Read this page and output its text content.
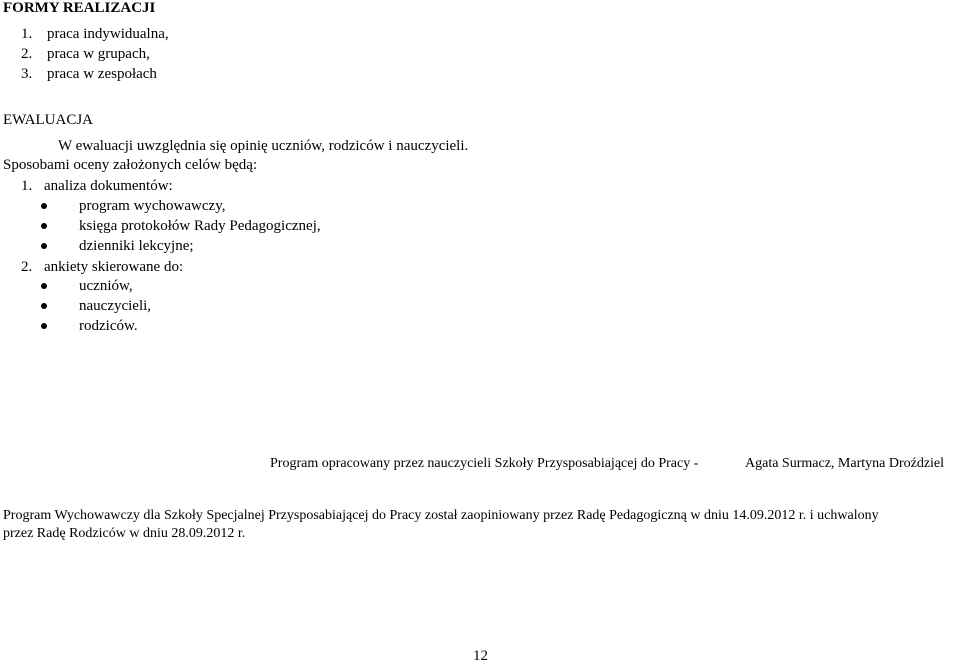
FORMY REALIZACJI
1. praca indywidualna,
2. praca w grupach,
3. praca w zespołach
EWALUACJA
W ewaluacji uwzględnia się opinię uczniów, rodziców i nauczycieli.
Sposobami oceny założonych celów będą:
1. analiza dokumentów:
program wychowawczy,
księga protokołów Rady Pedagogicznej,
dzienniki lekcyjne;
2. ankiety skierowane do:
uczniów,
nauczycieli,
rodziców.
Program opracowany przez nauczycieli Szkoły Przysposabiającej do Pracy -	Agata Surmacz, Martyna Droździel
Program Wychowawczy dla Szkoły Specjalnej Przysposabiającej do Pracy został zaopiniowany przez Radę Pedagogiczną w dniu 14.09.2012 r. i uchwalony
przez Radę Rodziców w dniu 28.09.2012 r.
12
